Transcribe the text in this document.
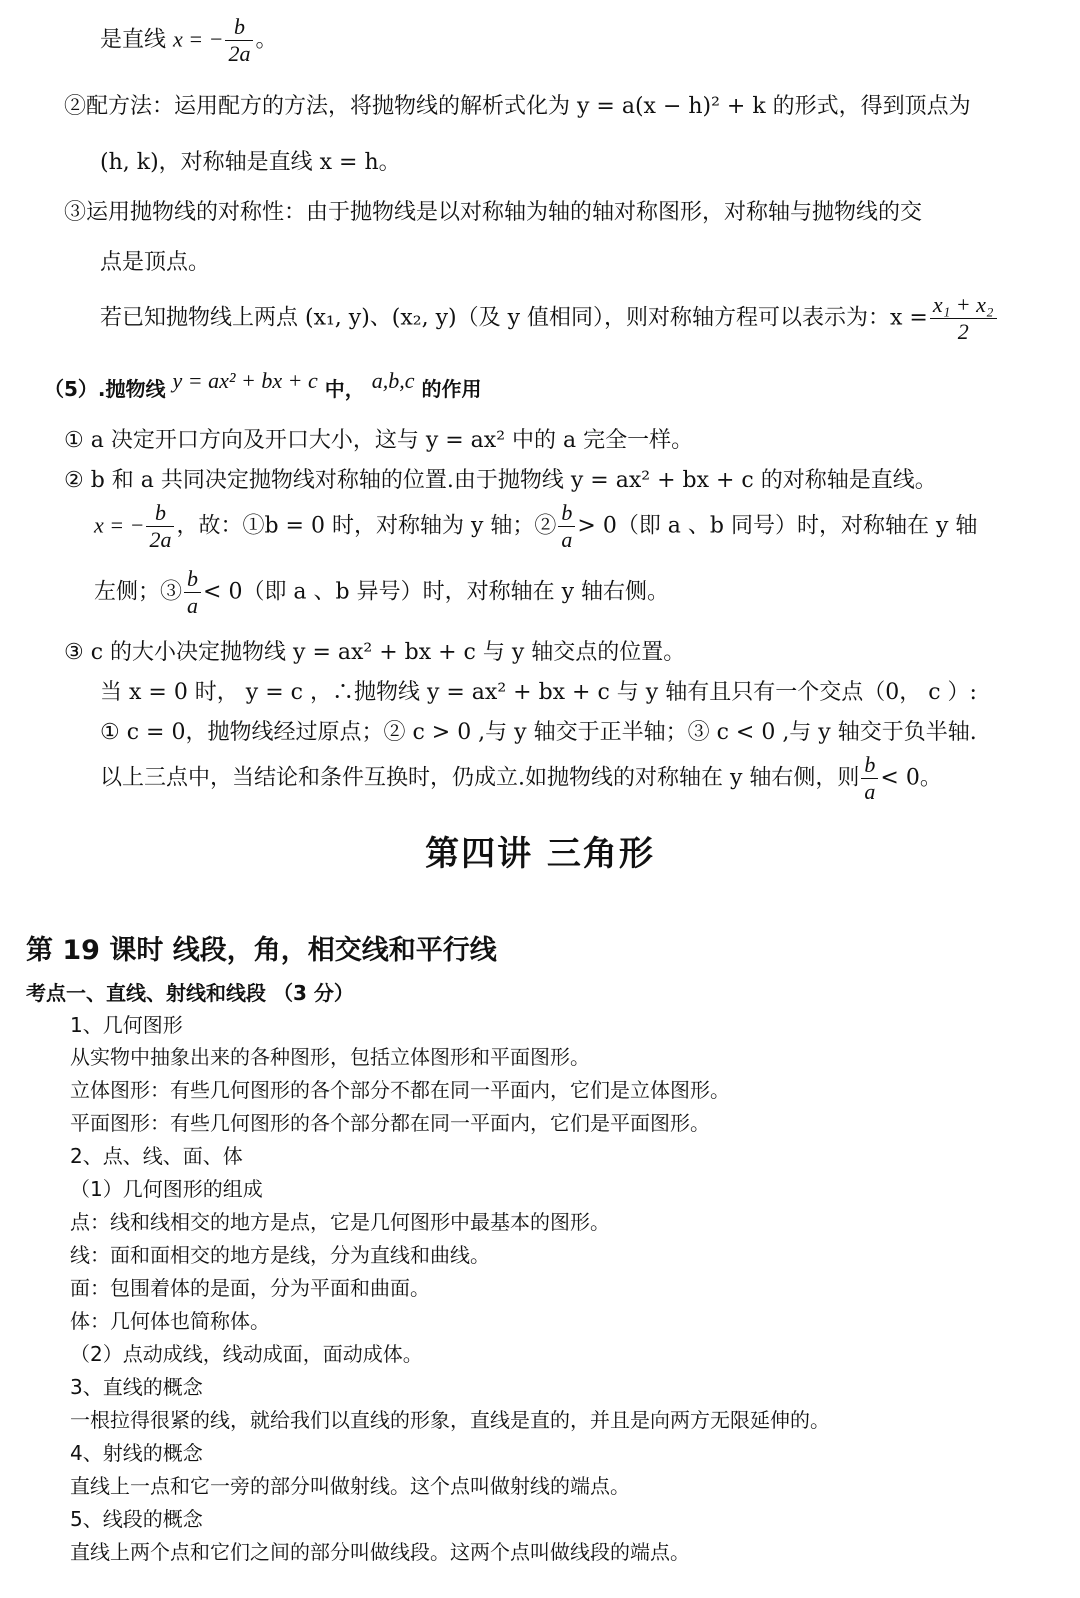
是直线 x = − $\frac{b}{2a}$ 。
②配方法：运用配方的方法，将抛物线的解析式化为 y = a(x − h)² + k 的形式，得到顶点为
(h, k)，对称轴是直线 x = h。
③运用抛物线的对称性：由于抛物线是以对称轴为轴的轴对称图形，对称轴与抛物线的交
点是顶点。
若已知抛物线上两点 (x₁, y)、(x₂, y)（及 y 值相同），则对称轴方程可以表示为：$x = \frac{\text{x₁ + x₂}}{2}$
（5）.抛物线 y = ax² + bx + c 中， a,b,c 的作用
① a 决定开口方向及开口大小，这与 y = ax² 中的 a 完全一样。
② b 和 a 共同决定抛物线对称轴的位置.由于抛物线 y = ax² + bx + c 的对称轴是直线。
x = − $\frac{b}{2a}$ ，故：①b = 0 时，对称轴为 y 轴；② $\frac{b}{a} > 0$（即 a 、b 同号）时，对称轴在 y 轴
左侧；③ $\frac{b}{a} < 0$（即 a 、b 异号）时，对称轴在 y 轴右侧。
③ c 的大小决定抛物线 y = ax² + bx + c 与 y 轴交点的位置。
当 x = 0 时， y = c ，∴抛物线 y = ax² + bx + c 与 y 轴有且只有一个交点（0， c ）:
① c = 0，抛物线经过原点；② c > 0 ,与 y 轴交于正半轴；③ c < 0 ,与 y 轴交于负半轴.
以上三点中，当结论和条件互换时，仍成立.如抛物线的对称轴在 y 轴右侧，则 $\frac{b}{a} < 0$。
第四讲 三角形
第 19 课时 线段，角，相交线和平行线
考点一、直线、射线和线段 （3 分）
1、几何图形
从实物中抽象出来的各种图形，包括立体图形和平面图形。
立体图形：有些几何图形的各个部分不都在同一平面内，它们是立体图形。
平面图形：有些几何图形的各个部分都在同一平面内，它们是平面图形。
2、点、线、面、体
（1）几何图形的组成
点：线和线相交的地方是点，它是几何图形中最基本的图形。
线：面和面相交的地方是线，分为直线和曲线。
面：包围着体的是面，分为平面和曲面。
体：几何体也简称体。
（2）点动成线，线动成面，面动成体。
3、直线的概念
一根拉得很紧的线，就给我们以直线的形象，直线是直的，并且是向两方无限延伸的。
4、射线的概念
直线上一点和它一旁的部分叫做射线。这个点叫做射线的端点。
5、线段的概念
直线上两个点和它们之间的部分叫做线段。这两个点叫做线段的端点。
